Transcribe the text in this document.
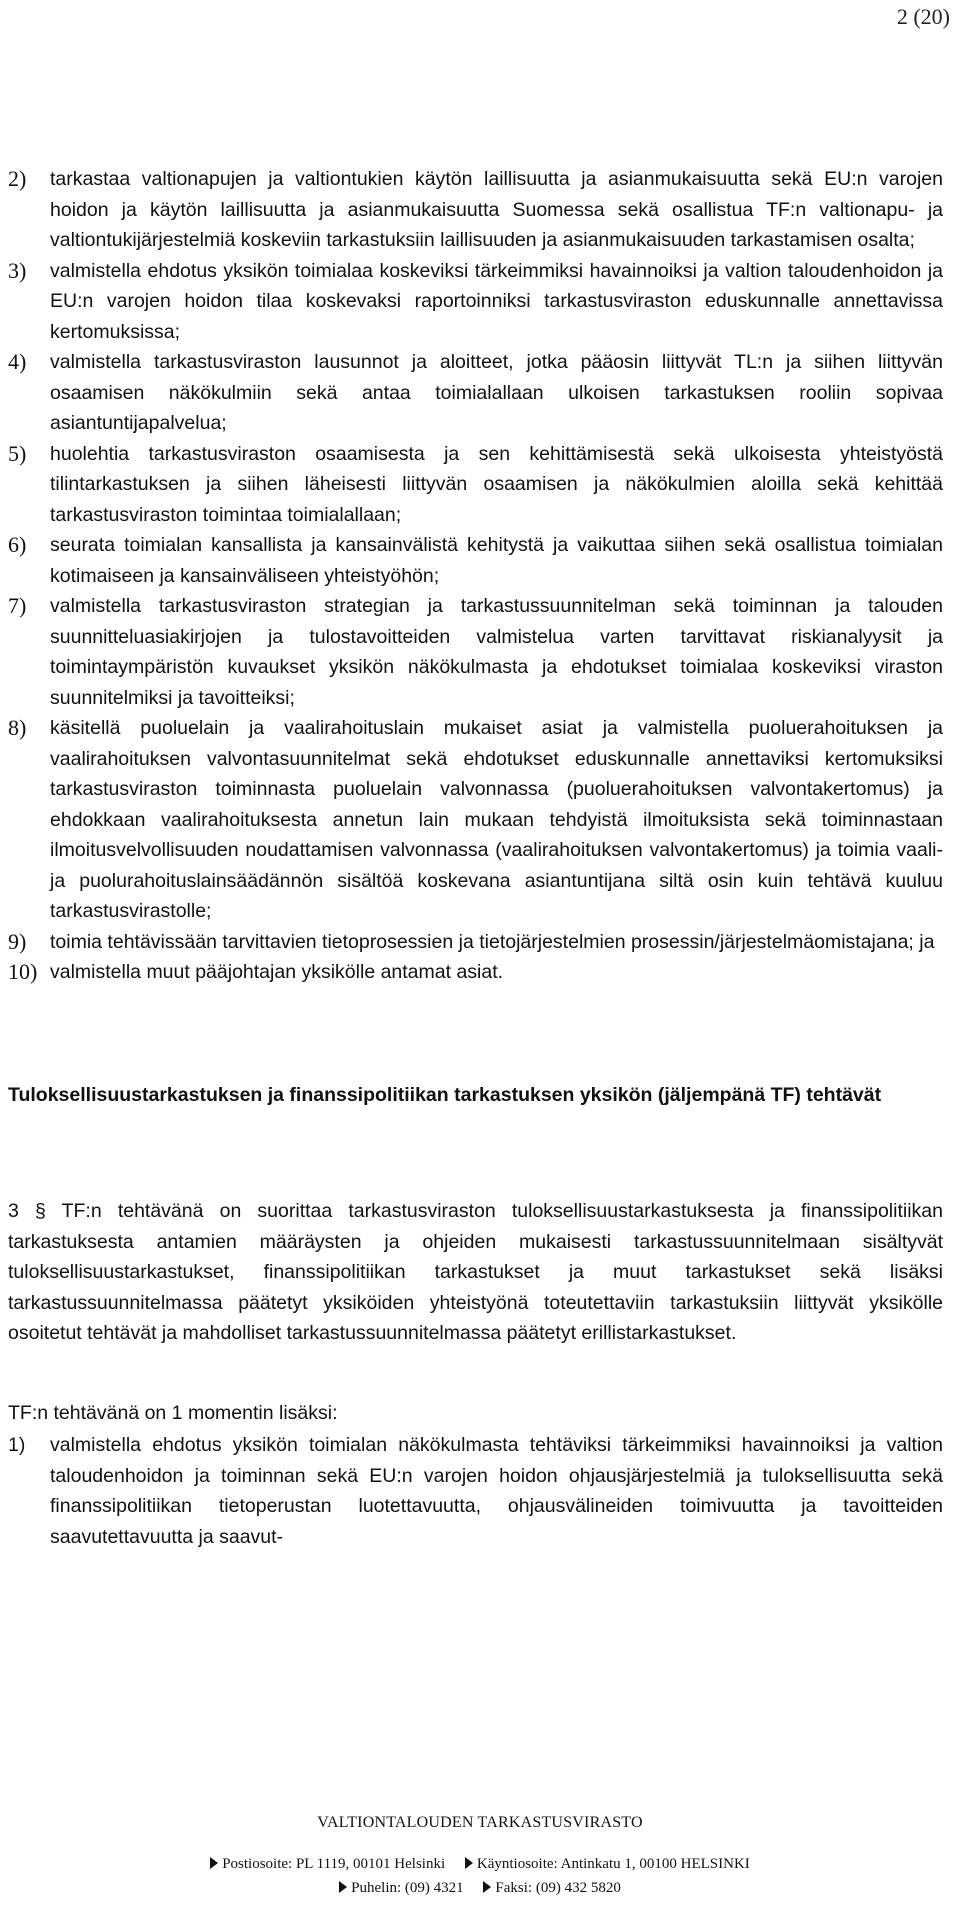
2 (20)
2)	tarkastaa valtionapujen ja valtiontukien käytön laillisuutta ja asianmukaisuutta sekä EU:n varojen hoidon ja käytön laillisuutta ja asianmukaisuutta Suomessa sekä osallistua TF:n valtionapu- ja valtiontukijärjestelmiä koskeviin tarkastuksiin laillisuuden ja asianmukaisuuden tarkastamisen osalta;
3)	valmistella ehdotus yksikön toimialaa koskeviksi tärkeimmiksi havainnoiksi ja valtion taloudenhoidon ja EU:n varojen hoidon tilaa koskevaksi raportoinniksi tarkastusviraston eduskunnalle annettavissa kertomuksissa;
4)	valmistella tarkastusviraston lausunnot ja aloitteet, jotka pääosin liittyvät TL:n ja siihen liittyvän osaamisen näkökulmiin sekä antaa toimialallaan ulkoisen tarkastuksen rooliin sopivaa asiantuntijapalvelua;
5)	huolehtia tarkastusviraston osaamisesta ja sen kehittämisestä sekä ulkoisesta yhteistyöstä tilintarkastuksen ja siihen läheisesti liittyvän osaamisen ja näkökulmien aloilla sekä kehittää tarkastusviraston toimintaa toimialallaan;
6)	seurata toimialan kansallista ja kansainvälistä kehitystä ja vaikuttaa siihen sekä osallistua toimialan kotimaiseen ja kansainväliseen yhteistyöhön;
7)	valmistella tarkastusviraston strategian ja tarkastussuunnitelman sekä toiminnan ja talouden suunnitteluasiakirjojen ja tulostavoitteiden valmistelua varten tarvittavat riskianalyysit ja toimintaympäristön kuvaukset yksikön näkökulmasta ja ehdotukset toimialaa koskeviksi viraston suunnitelmiksi ja tavoitteiksi;
8)	käsitellä puoluelain ja vaalirahoituslain mukaiset asiat ja valmistella puoluerahoituksen ja vaalirahoituksen valvontasuunnitelmat sekä ehdotukset eduskunnalle annettaviksi kertomuksiksi tarkastusviraston toiminnasta puoluelain valvonnassa (puoluerahoituksen valvontakertomus) ja ehdokkaan vaalirahoituksesta annetun lain mukaan tehdyistä ilmoituksista sekä toiminnastaan ilmoitusvelvollisuuden noudattamisen valvonnassa (vaalirahoituksen valvontakertomus) ja toimia vaali- ja puolurahoituslainsäädännön sisältöä koskevana asiantuntijana siltä osin kuin tehtävä kuuluu tarkastusvirastolle;
9)	toimia tehtävissään tarvittavien tietoprosessien ja tietojärjestelmien prosessin/järjestelmäomistajana; ja
10) valmistella muut pääjohtajan yksikölle antamat asiat.
Tuloksellisuustarkastuksen ja finanssipolitiikan tarkastuksen yksikön (jäljempänä TF) tehtävät
3 § TF:n tehtävänä on suorittaa tarkastusviraston tuloksellisuustarkastuksesta ja finanssipolitiikan tarkastuksesta antamien määräysten ja ohjeiden mukaisesti tarkastussuunnitelmaan sisältyvät tuloksellisuustarkastukset, finanssipolitiikan tarkastukset ja muut tarkastukset sekä lisäksi tarkastussuunnitelmassa päätetyt yksiköiden yhteistyönä toteutettaviin tarkastuksiin liittyvät yksikölle osoitetut tehtävät ja mahdolliset tarkastussuunnitelmassa päätetyt erillistarkastukset.
TF:n tehtävänä on 1 momentin lisäksi:
1)	valmistella ehdotus yksikön toimialan näkökulmasta tehtäviksi tärkeimmiksi havainnoiksi ja valtion taloudenhoidon ja toiminnan sekä EU:n varojen hoidon ohjausjärjestelmiä ja tuloksellisuutta sekä finanssipolitiikan tietoperustan luotettavuutta, ohjausvälineiden toimivuutta ja tavoitteiden saavutettavuutta ja saavut-
VALTIONTALOUDEN TARKASTUSVIRASTO
Postiosoite: PL 1119, 00101 Helsinki Käyntiosoite: Antinkatu 1, 00100 HELSINKI
Puhelin: (09) 4321 Faksi: (09) 432 5820
